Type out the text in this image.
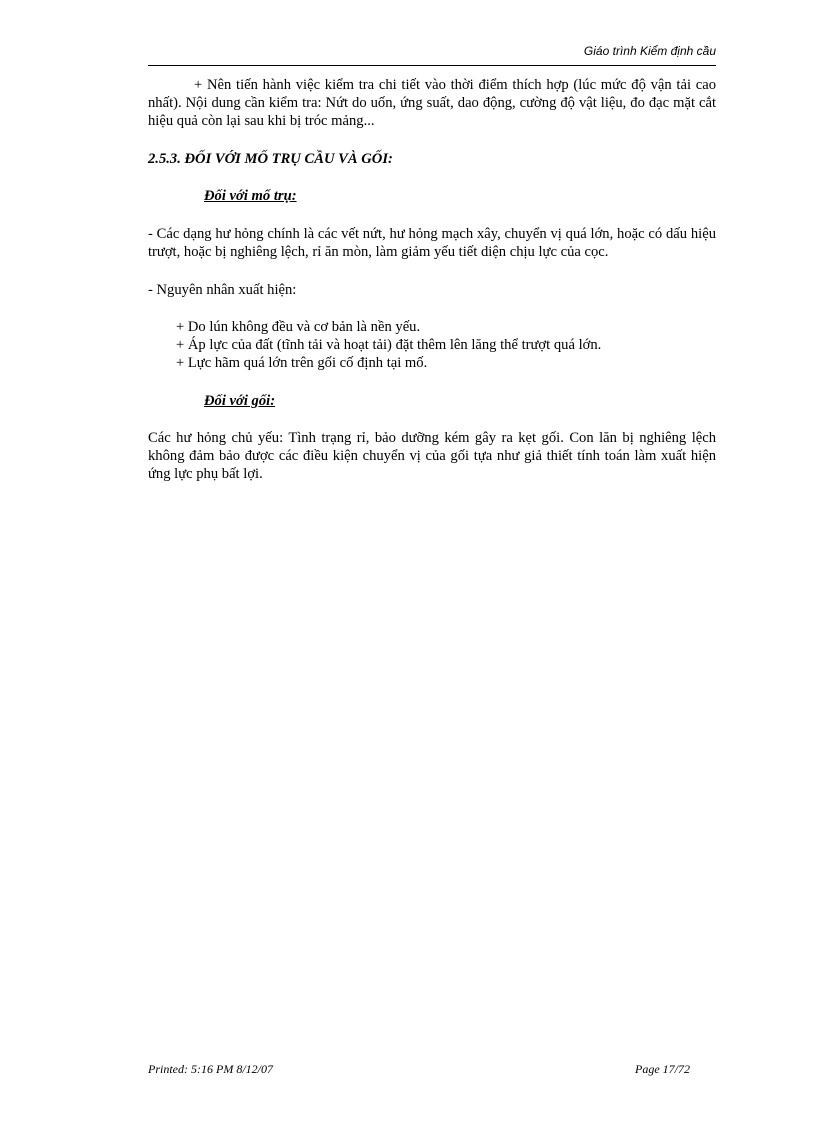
Giáo trình Kiểm định cầu

+ Nên tiến hành việc kiểm tra chi tiết vào thời điểm thích hợp (lúc mức độ vận tải cao nhất). Nội dung cần kiểm tra: Nứt do uốn, ứng suất, dao động, cường độ vật liệu, đo đạc mặt cắt hiệu quả còn lại sau khi bị tróc mảng...

2.5.3. ĐỐI VỚI MỐ TRỤ CẦU VÀ GỐI:
Đối với mố trụ:

- Các dạng hư hỏng chính là các vết nứt, hư hỏng mạch xây, chuyển vị quá lớn, hoặc có dấu hiệu trượt, hoặc bị nghiêng lệch, rỉ ăn mòn, làm giảm yếu tiết diện chịu lực của cọc.

- Nguyên nhân xuất hiện:

+ Do lún không đều và cơ bản là nền yếu.
+ Áp lực của đất (tĩnh tải và hoạt tải) đặt thêm lên lăng thể trượt quá lớn.
+ Lực hãm quá lớn trên gối cố định tại mố.
Đối với gối:

Các hư hỏng chủ yếu: Tình trạng rỉ, bảo dưỡng kém gây ra kẹt gối. Con lăn bị nghiêng lệch không đảm bảo được các điều kiện chuyển vị của gối tựa như giả thiết tính toán làm xuất hiện ứng lực phụ bất lợi.

Printed: 5:16 PM 8/12/07	Page 17/72
